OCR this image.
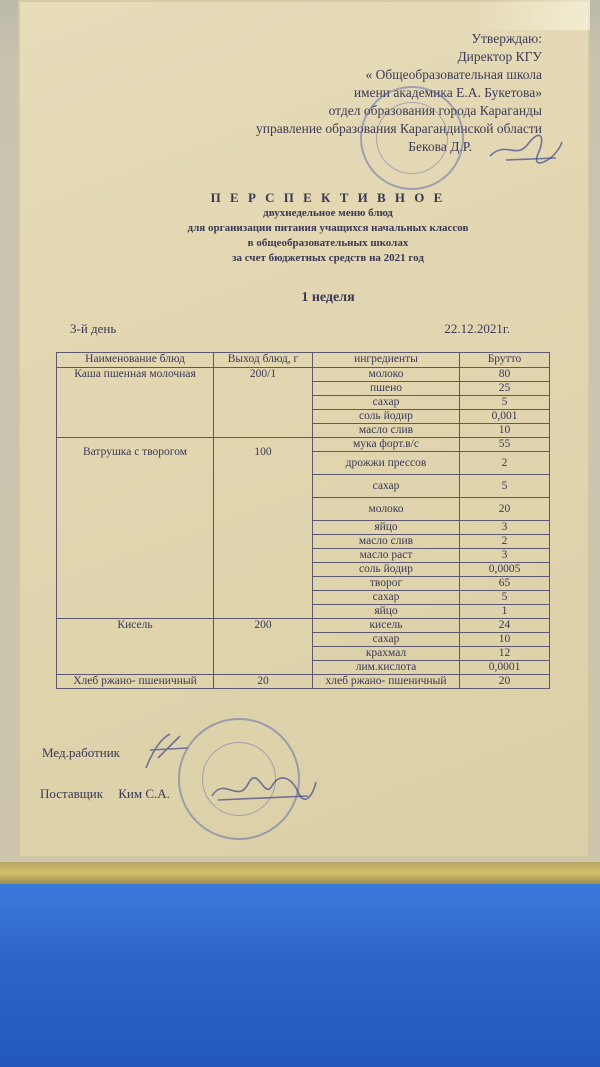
Утверждаю:
Директор КГУ
« Общеобразовательная школа
имени академика Е.А. Букетова»
отдел образования города Караганды
управление образования Карагандинской области
Бекова Д.Р.
П Е Р С П Е К Т И В Н О Е
двухнедельное меню блюд
для организации питания учащихся начальных классов
в общеобразовательных школах
за счет бюджетных средств на 2021 год
1 неделя
3-й день	22.12.2021г.
Наименование блюд	Выход блюд, г	ингредиенты	Брутто
Каша пшенная молочная	200/1	молоко	80
		пшено	25
		сахар	5
		соль йодир	0,001
		масло слив	10
Ватрушка с творогом	100	мука форт.в/с	55
		дрожжи прессов	2
		сахар	5
		молоко	20
		яйцо	3
		масло слив	2
		масло раст	3
		соль йодир	0,0005
		творог	65
		сахар	5
		яйцо	1
Кисель	200	кисель	24
		сахар	10
		крахмал	12
		лим.кислота	0,0001
Хлеб ржано- пшеничный	20	хлеб ржано- пшеничный	20
Мед.работник
Поставщик Ким С.А.
